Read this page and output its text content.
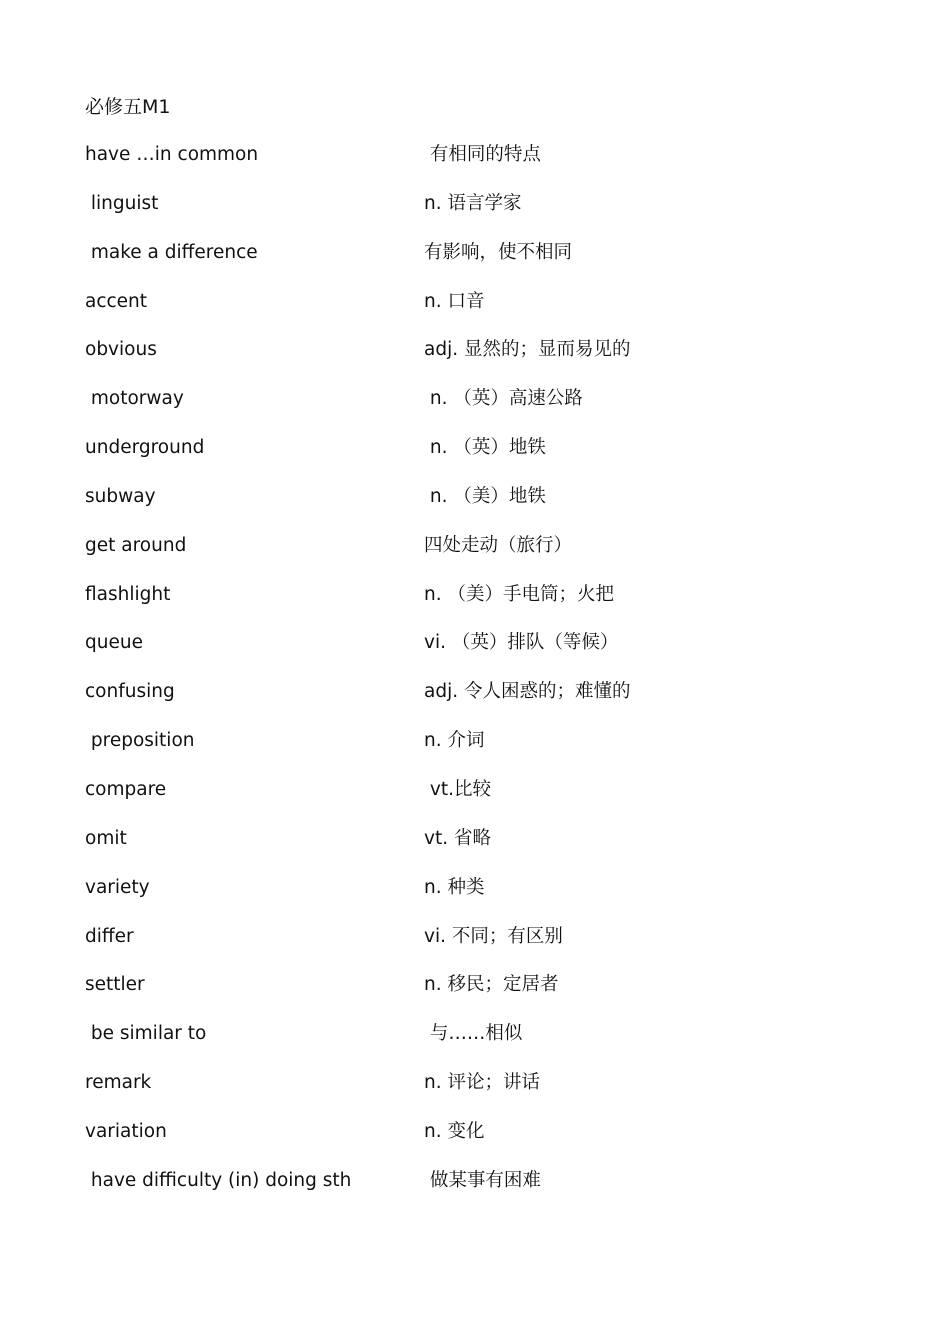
必修五M1
have …in common	有相同的特点
linguist	n. 语言学家
make a difference	有影响，使不相同
accent	n. 口音
obvious	adj. 显然的；显而易见的
motorway	n. （英）高速公路
underground	n. （英）地铁
subway	n. （美）地铁
get around	四处走动（旅行）
flashlight	n. （美）手电筒；火把
queue	vi. （英）排队（等候）
confusing	adj. 令人困惑的；难懂的
preposition	n. 介词
compare	vt.比较
omit	vt. 省略
variety	n. 种类
differ	vi. 不同；有区别
settler	n. 移民；定居者
be similar to	与……相似
remark	n. 评论；讲话
variation	n. 变化
have difficulty (in) doing sth	做某事有困难
